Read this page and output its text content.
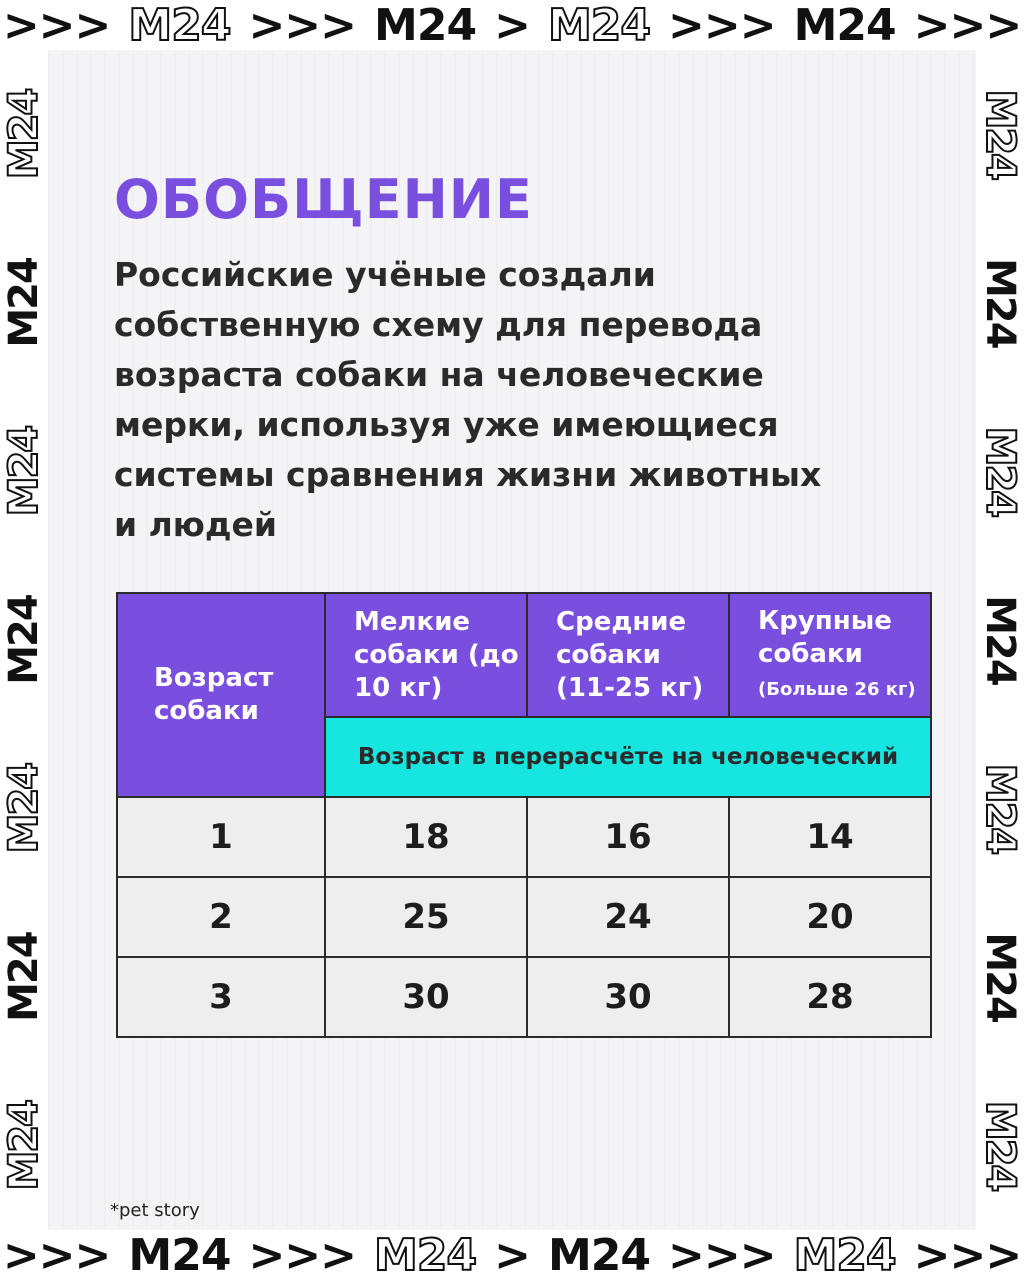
>>> M24 >>> M24 > M24 >>> M24 >>>
M24
M24
M24
M24
M24
M24
M24	M24
M24
M24
M24
M24
M24
M24
>>> M24 >>> M24 > M24 >>> M24 >>>
ОБОБЩЕНИЕ
Российские учёные создали собственную схему для перевода возраста собаки на человеческие мерки, используя уже имеющиеся системы сравнения жизни животных и людей
*pet story
Возраст собаки	Мелкие собаки (до 10 кг)	Средние собаки (11-25 кг)	Крупные собаки
(Больше 26 кг)
	Возраст в перерасчёте на человеческий		
1	18	16	14
2	25	24	20
3	30	30	28
